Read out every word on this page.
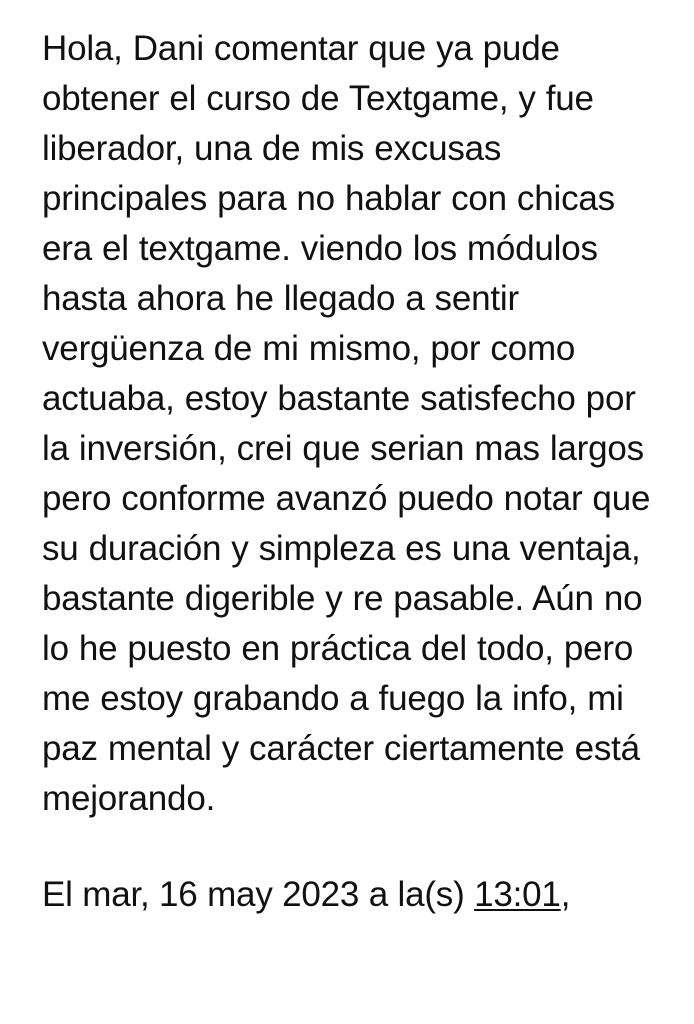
Hola, Dani comentar que ya pude obtener el curso de Textgame, y fue liberador, una de mis excusas principales para no hablar con chicas era el textgame. viendo los módulos hasta ahora he llegado a sentir vergüenza de mi mismo, por como actuaba, estoy bastante satisfecho por la inversión, crei que serian mas largos pero conforme avanzó puedo notar que su duración y simpleza es una ventaja, bastante digerible y re pasable. Aún no lo he puesto en práctica del todo, pero me estoy grabando a fuego la info, mi paz mental y carácter ciertamente está mejorando.
El mar, 16 may 2023 a la(s) 13:01,
